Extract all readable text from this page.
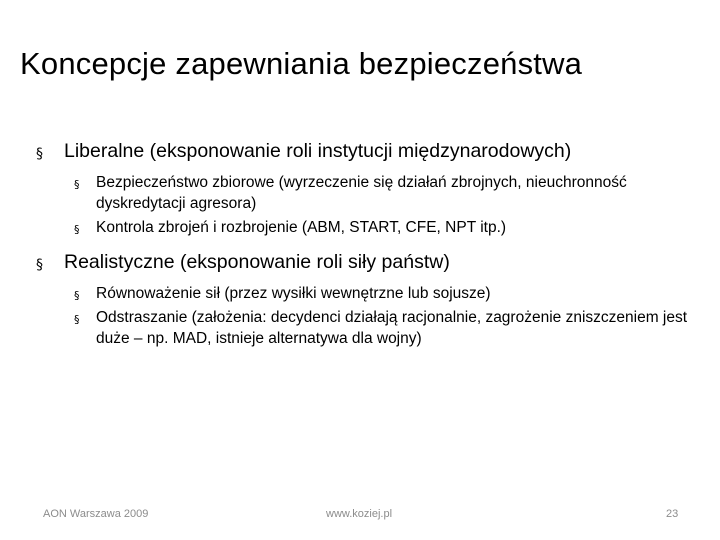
Koncepcje zapewniania bezpieczeństwa
§ Liberalne (eksponowanie roli instytucji międzynarodowych)
§ Bezpieczeństwo zbiorowe (wyrzeczenie się działań zbrojnych, nieuchronność dyskredytacji agresora)
§ Kontrola zbrojeń i rozbrojenie (ABM, START, CFE, NPT itp.)
§ Realistyczne (eksponowanie roli siły państw)
§ Równoważenie sił (przez wysiłki wewnętrzne lub sojusze)
§ Odstraszanie (założenia: decydenci działają racjonalnie, zagrożenie zniszczeniem jest duże – np. MAD, istnieje alternatywa dla wojny)
AON Warszawa 2009	www.koziej.pl	23
